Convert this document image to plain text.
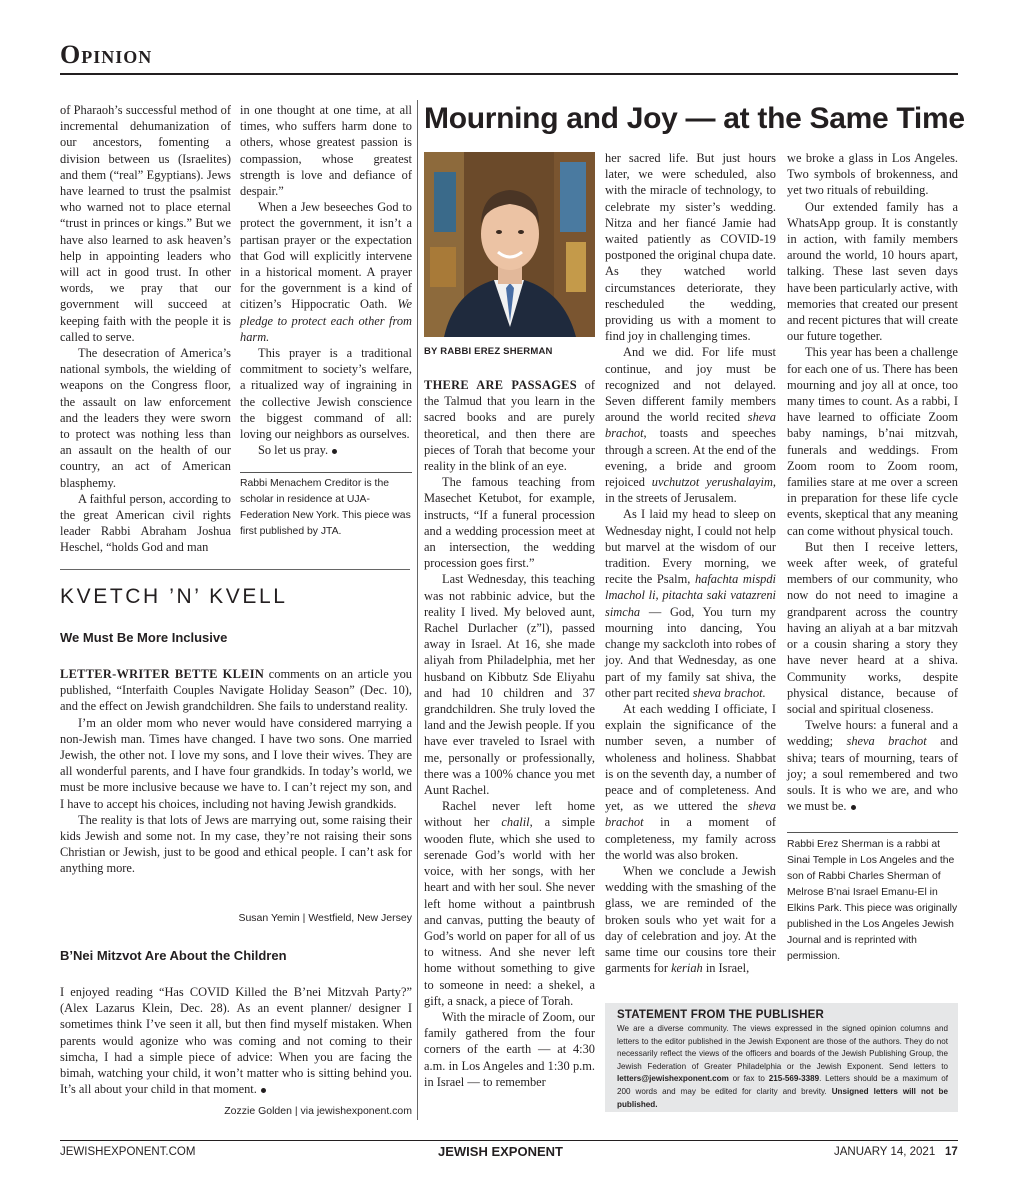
Opinion

of Pharaoh’s successful method of incremental dehumanization of our ancestors, fomenting a division between us (Israelites) and them (“real” Egyptians). Jews have learned to trust the psalmist who warned not to place eternal “trust in princes or kings.” But we have also learned to ask heaven’s help in appointing leaders who will act in good trust. In other words, we pray that our government will succeed at keeping faith with the people it is called to serve.

The desecration of America’s national symbols, the wielding of weapons on the Congress floor, the assault on law enforcement and the leaders they were sworn to protect was nothing less than an assault on the health of our country, an act of American blasphemy.

A faithful person, according to the great American civil rights leader Rabbi Abraham Joshua Heschel, “holds God and man

in one thought at one time, at all times, who suffers harm done to others, whose greatest passion is compassion, whose greatest strength is love and defiance of despair.”

When a Jew beseeches God to protect the government, it isn’t a partisan prayer or the expectation that God will explicitly intervene in a historical moment. A prayer for the government is a kind of citizen’s Hippocratic Oath. We pledge to protect each other from harm.

This prayer is a traditional commitment to society’s welfare, a ritualized way of ingraining in the collective Jewish conscience the biggest command of all: loving our neighbors as ourselves.

So let us pray.

Rabbi Menachem Creditor is the scholar in residence at UJA-Federation New York. This piece was first published by JTA.
KVETCH ’N’ KVELL
We Must Be More Inclusive

LETTER-WRITER BETTE KLEIN comments on an article you published, “Interfaith Couples Navigate Holiday Season” (Dec. 10), and the effect on Jewish grandchildren. She fails to understand reality.

I’m an older mom who never would have considered marrying a non-Jewish man. Times have changed. I have two sons. One married Jewish, the other not. I love my sons, and I love their wives. They are all wonderful parents, and I have four grandkids. In today’s world, we must be more inclusive because we have to. I can’t reject my son, and I have to accept his choices, including not having Jewish grandkids.

The reality is that lots of Jews are marrying out, some raising their kids Jewish and some not. In my case, they’re not raising their sons Christian or Jewish, just to be good and ethical people. I can’t ask for anything more.

Susan Yemin | Westfield, New Jersey
B’Nei Mitzvot Are About the Children

I enjoyed reading “Has COVID Killed the B’nei Mitzvah Party?” (Alex Lazarus Klein, Dec. 28). As an event planner/ designer I sometimes think I’ve seen it all, but then find myself mistaken. When parents would agonize who was coming and not coming to their simcha, I had a simple piece of advice: When you are facing the bimah, watching your child, it won’t matter who is sitting behind you. It’s all about your child in that moment.

Zozzie Golden | via jewishexponent.com
Mourning and Joy — at the Same Time
BY RABBI EREZ SHERMAN

THERE ARE PASSAGES of the Talmud that you learn in the sacred books and are purely theoretical, and then there are pieces of Torah that become your reality in the blink of an eye.

The famous teaching from Masechet Ketubot, for example, instructs, “If a funeral procession and a wedding procession meet at an intersection, the wedding procession goes first.”

Last Wednesday, this teaching was not rabbinic advice, but the reality I lived. My beloved aunt, Rachel Durlacher (z”l), passed away in Israel. At 16, she made aliyah from Philadelphia, met her husband on Kibbutz Sde Eliyahu and had 10 children and 37 grandchildren. She truly loved the land and the Jewish people. If you have ever traveled to Israel with me, personally or professionally, there was a 100% chance you met Aunt Rachel.

Rachel never left home without her chalil, a simple wooden flute, which she used to serenade God’s world with her voice, with her songs, with her heart and with her soul. She never left home without a paintbrush and canvas, putting the beauty of God’s world on paper for all of us to witness. And she never left home without something to give to someone in need: a shekel, a gift, a snack, a piece of Torah.

With the miracle of Zoom, our family gathered from the four corners of the earth — at 4:30 a.m. in Los Angeles and 1:30 p.m. in Israel — to remember

her sacred life. But just hours later, we were scheduled, also with the miracle of technology, to celebrate my sister’s wedding. Nitza and her fiancé Jamie had waited patiently as COVID-19 postponed the original chupa date. As they watched world circumstances deteriorate, they rescheduled the wedding, providing us with a moment to find joy in challenging times.

And we did. For life must continue, and joy must be recognized and not delayed. Seven different family members around the world recited sheva brachot, toasts and speeches through a screen. At the end of the evening, a bride and groom rejoiced uvchutzot yerushalayim, in the streets of Jerusalem.

As I laid my head to sleep on Wednesday night, I could not help but marvel at the wisdom of our tradition. Every morning, we recite the Psalm, hafachta mispdi lmachol li, pitachta saki vatazreni simcha — God, You turn my mourning into dancing, You change my sackcloth into robes of joy. And that Wednesday, as one part of my family sat shiva, the other part recited sheva brachot.

At each wedding I officiate, I explain the significance of the number seven, a number of wholeness and holiness. Shabbat is on the seventh day, a number of peace and of completeness. And yet, as we uttered the sheva brachot in a moment of completeness, my family across the world was also broken.

When we conclude a Jewish wedding with the smashing of the glass, we are reminded of the broken souls who yet wait for a day of celebration and joy. At the same time our cousins tore their garments for keriah in Israel,

we broke a glass in Los Angeles. Two symbols of brokenness, and yet two rituals of rebuilding.

Our extended family has a WhatsApp group. It is constantly in action, with family members around the world, 10 hours apart, talking. These last seven days have been particularly active, with memories that created our present and recent pictures that will create our future together.

This year has been a challenge for each one of us. There has been mourning and joy all at once, too many times to count. As a rabbi, I have learned to officiate Zoom baby namings, b’nai mitzvah, funerals and weddings. From Zoom room to Zoom room, families stare at me over a screen in preparation for these life cycle events, skeptical that any meaning can come without physical touch.

But then I receive letters, week after week, of grateful members of our community, who now do not need to imagine a grandparent across the country having an aliyah at a bar mitzvah or a cousin sharing a story they have never heard at a shiva. Community works, despite physical distance, because of social and spiritual closeness.

Twelve hours: a funeral and a wedding; sheva brachot and shiva; tears of mourning, tears of joy; a soul remembered and two souls. It is who we are, and who we must be.

Rabbi Erez Sherman is a rabbi at Sinai Temple in Los Angeles and the son of Rabbi Charles Sherman of Melrose B’nai Israel Emanu-El in Elkins Park. This piece was originally published in the Los Angeles Jewish Journal and is reprinted with permission.
STATEMENT FROM THE PUBLISHER

We are a diverse community. The views expressed in the signed opinion columns and letters to the editor published in the Jewish Exponent are those of the authors. They do not necessarily reflect the views of the officers and boards of the Jewish Publishing Group, the Jewish Federation of Greater Philadelphia or the Jewish Exponent. Send letters to letters@jewishexponent.com or fax to 215-569-3389. Letters should be a maximum of 200 words and may be edited for clarity and brevity. Unsigned letters will not be published.

JEWISHEXPONENT.COM	JEWISH EXPONENT	JANUARY 14, 2021 17
